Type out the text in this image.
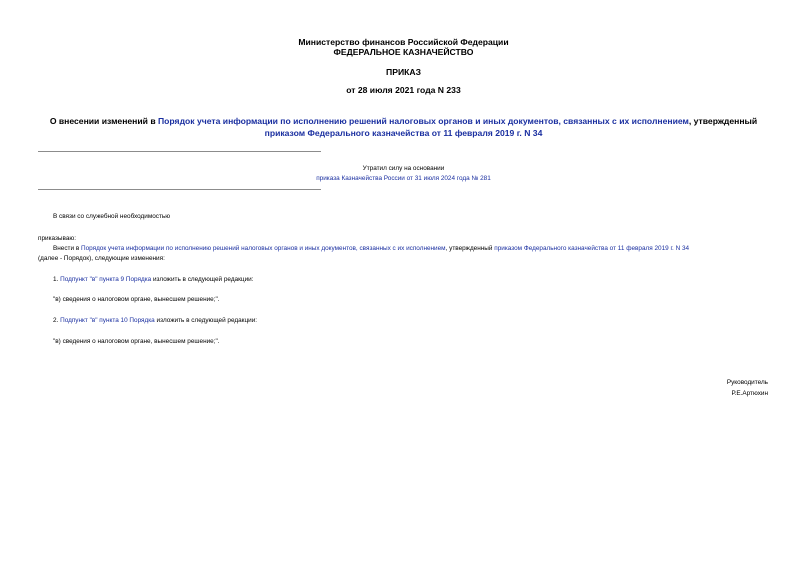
Министерство финансов Российской Федерации
ФЕДЕРАЛЬНОЕ КАЗНАЧЕЙСТВО
ПРИКАЗ
от 28 июля 2021 года N 233
О внесении изменений в Порядок учета информации по исполнению решений налоговых органов и иных документов, связанных с их исполнением, утвержденный
приказом Федерального казначейства от 11 февраля 2019 г. N 34
Утратил силу на основании
приказа Казначейства России от 31 июля 2024 года № 281
В связи со служебной необходимостью
приказываю:
Внести в Порядок учета информации по исполнению решений налоговых органов и иных документов, связанных с их исполнением, утвержденный приказом Федерального казначейства от 11 февраля 2019 г. N 34
(далее - Порядок), следующие изменения:
1. Подпункт "в" пункта 9 Порядка изложить в следующей редакции:
"в) сведения о налоговом органе, вынесшем решение;".
2. Подпункт "в" пункта 10 Порядка изложить в следующей редакции:
"в) сведения о налоговом органе, вынесшем решение;".
Руководитель
Р.Е.Артюхин
